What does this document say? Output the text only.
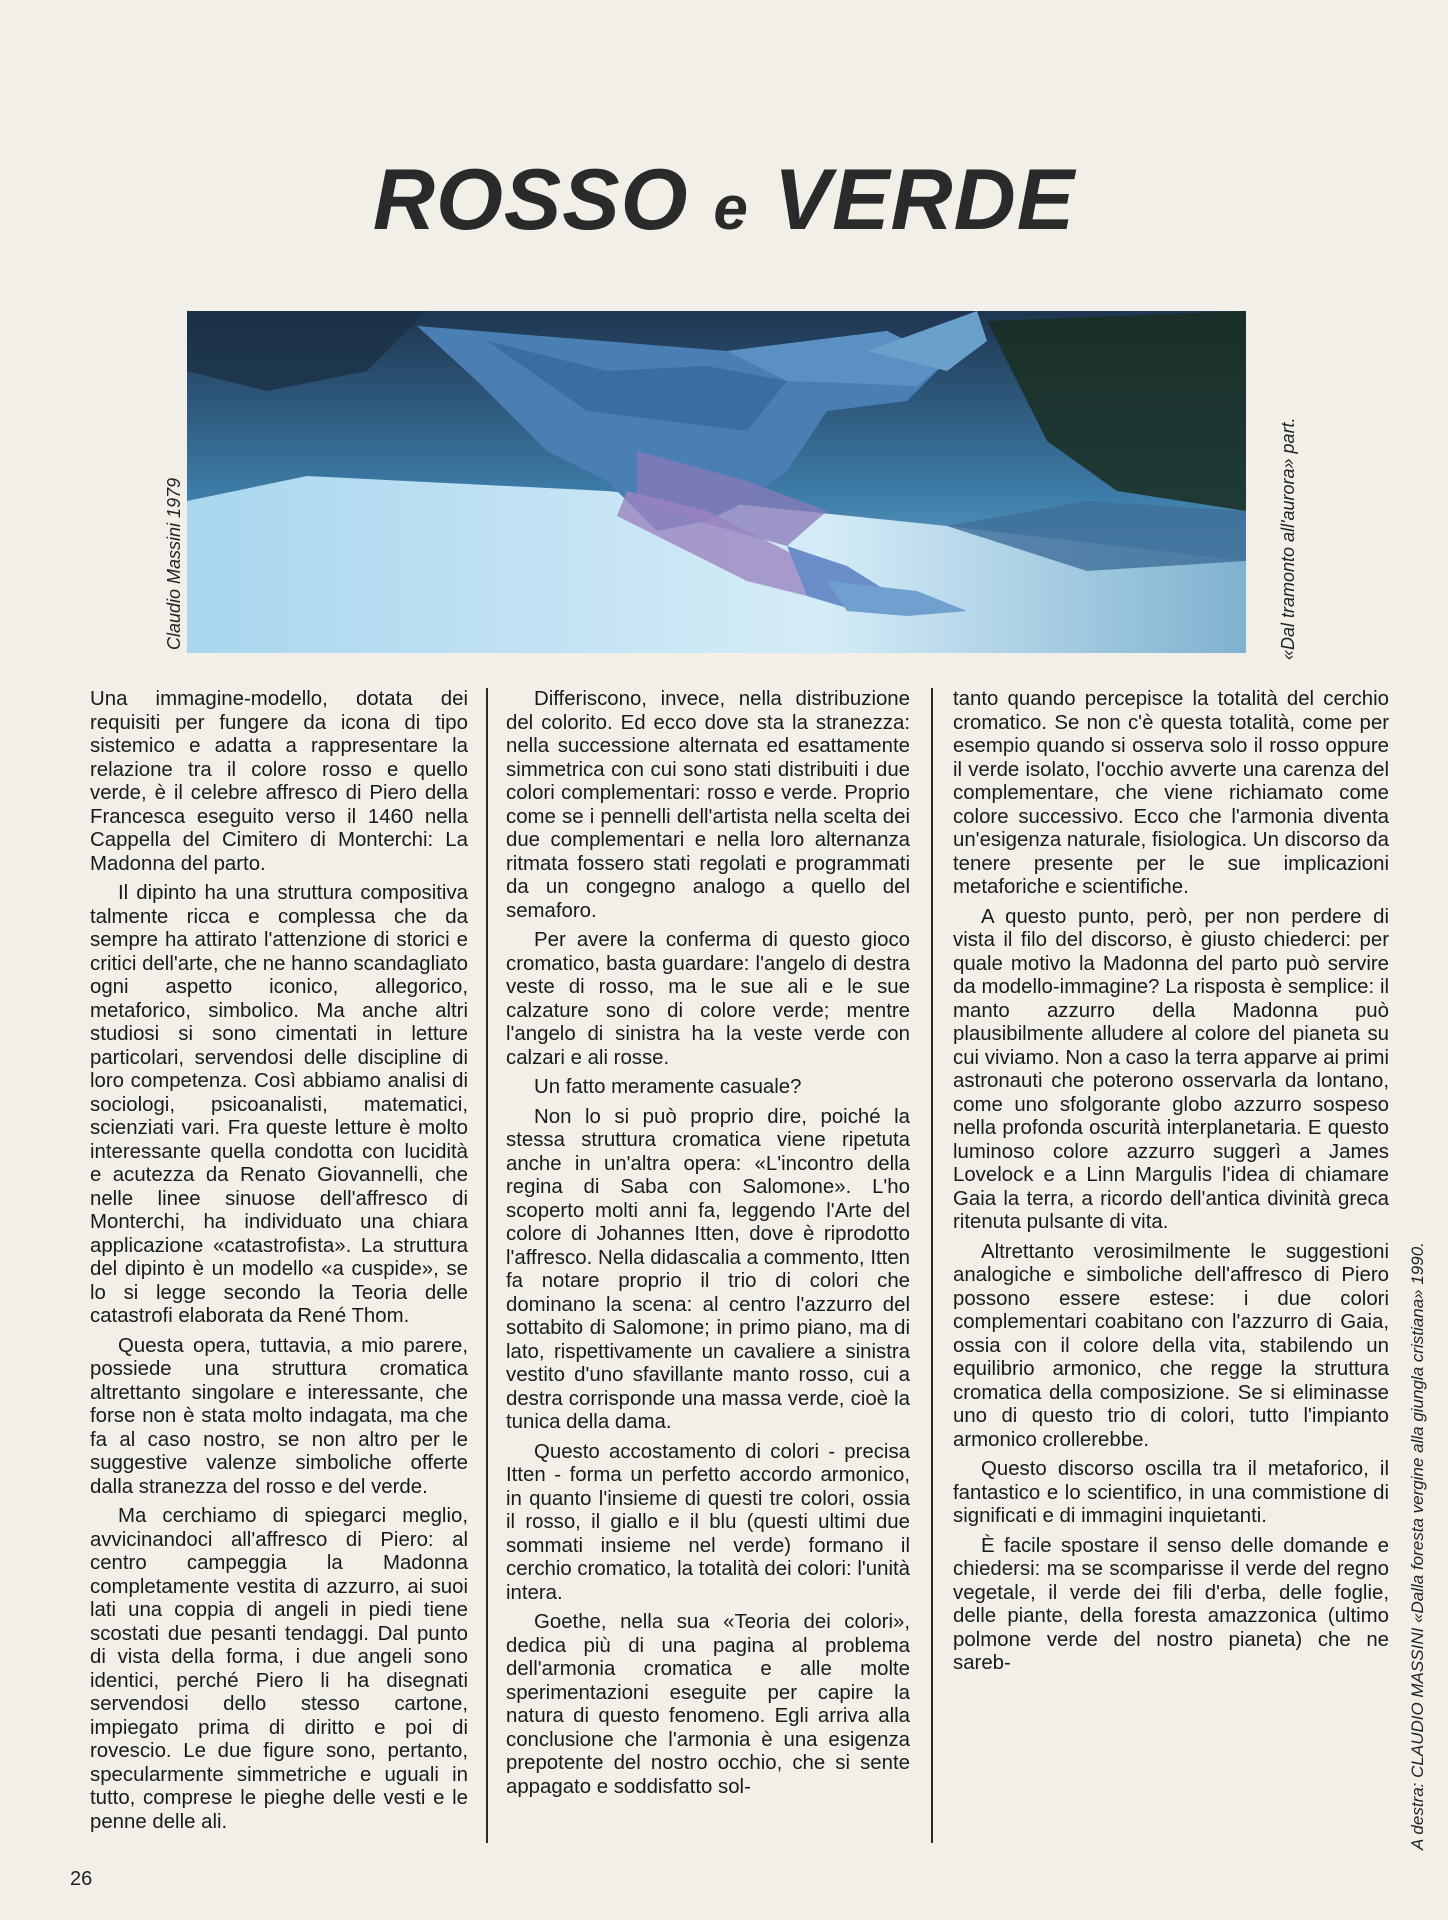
ROSSO e VERDE
Claudio Massini 1979	«Dal tramonto all'aurora» part.
A destra: CLAUDIO MASSINI «Dalla foresta vergine alla giungla cristiana» 1990.

Una immagine-modello, dotata dei requisiti per fungere da icona di tipo sistemico e adatta a rappresentare la relazione tra il colore rosso e quello verde, è il celebre affresco di Piero della Francesca eseguito verso il 1460 nella Cappella del Cimitero di Monterchi: La Madonna del parto.

Il dipinto ha una struttura compositiva talmente ricca e complessa che da sempre ha attirato l'attenzione di storici e critici dell'arte, che ne hanno scandagliato ogni aspetto iconico, allegorico, metaforico, simbolico. Ma anche altri studiosi si sono cimentati in letture particolari, servendosi delle discipline di loro competenza. Così abbiamo analisi di sociologi, psicoanalisti, matematici, scienziati vari. Fra queste letture è molto interessante quella condotta con lucidità e acutezza da Renato Giovannelli, che nelle linee sinuose dell'affresco di Monterchi, ha individuato una chiara applicazione «catastrofista». La struttura del dipinto è un modello «a cuspide», se lo si legge secondo la Teoria delle catastrofi elaborata da René Thom.

Questa opera, tuttavia, a mio parere, possiede una struttura cromatica altrettanto singolare e interessante, che forse non è stata molto indagata, ma che fa al caso nostro, se non altro per le suggestive valenze simboliche offerte dalla stranezza del rosso e del verde.

Ma cerchiamo di spiegarci meglio, avvicinandoci all'affresco di Piero: al centro campeggia la Madonna completamente vestita di azzurro, ai suoi lati una coppia di angeli in piedi tiene scostati due pesanti tendaggi. Dal punto di vista della forma, i due angeli sono identici, perché Piero li ha disegnati servendosi dello stesso cartone, impiegato prima di diritto e poi di rovescio. Le due figure sono, pertanto, specularmente simmetriche e uguali in tutto, comprese le pieghe delle vesti e le penne delle ali.

Differiscono, invece, nella distribuzione del colorito. Ed ecco dove sta la stranezza: nella successione alternata ed esattamente simmetrica con cui sono stati distribuiti i due colori complementari: rosso e verde. Proprio come se i pennelli dell'artista nella scelta dei due complementari e nella loro alternanza ritmata fossero stati regolati e programmati da un congegno analogo a quello del semaforo.

Per avere la conferma di questo gioco cromatico, basta guardare: l'angelo di destra veste di rosso, ma le sue ali e le sue calzature sono di colore verde; mentre l'angelo di sinistra ha la veste verde con calzari e ali rosse.

Un fatto meramente casuale?

Non lo si può proprio dire, poiché la stessa struttura cromatica viene ripetuta anche in un'altra opera: «L'incontro della regina di Saba con Salomone». L'ho scoperto molti anni fa, leggendo l'Arte del colore di Johannes Itten, dove è riprodotto l'affresco. Nella didascalia a commento, Itten fa notare proprio il trio di colori che dominano la scena: al centro l'azzurro del sottabito di Salomone; in primo piano, ma di lato, rispettivamente un cavaliere a sinistra vestito d'uno sfavillante manto rosso, cui a destra corrisponde una massa verde, cioè la tunica della dama.

Questo accostamento di colori - precisa Itten - forma un perfetto accordo armonico, in quanto l'insieme di questi tre colori, ossia il rosso, il giallo e il blu (questi ultimi due sommati insieme nel verde) formano il cerchio cromatico, la totalità dei colori: l'unità intera.

Goethe, nella sua «Teoria dei colori», dedica più di una pagina al problema dell'armonia cromatica e alle molte sperimentazioni eseguite per capire la natura di questo fenomeno. Egli arriva alla conclusione che l'armonia è una esigenza prepotente del nostro occhio, che si sente appagato e soddisfatto sol-

tanto quando percepisce la totalità del cerchio cromatico. Se non c'è questa totalità, come per esempio quando si osserva solo il rosso oppure il verde isolato, l'occhio avverte una carenza del complementare, che viene richiamato come colore successivo. Ecco che l'armonia diventa un'esigenza naturale, fisiologica. Un discorso da tenere presente per le sue implicazioni metaforiche e scientifiche.

A questo punto, però, per non perdere di vista il filo del discorso, è giusto chiederci: per quale motivo la Madonna del parto può servire da modello-immagine? La risposta è semplice: il manto azzurro della Madonna può plausibilmente alludere al colore del pianeta su cui viviamo. Non a caso la terra apparve ai primi astronauti che poterono osservarla da lontano, come uno sfolgorante globo azzurro sospeso nella profonda oscurità interplanetaria. E questo luminoso colore azzurro suggerì a James Lovelock e a Linn Margulis l'idea di chiamare Gaia la terra, a ricordo dell'antica divinità greca ritenuta pulsante di vita.

Altrettanto verosimilmente le suggestioni analogiche e simboliche dell'affresco di Piero possono essere estese: i due colori complementari coabitano con l'azzurro di Gaia, ossia con il colore della vita, stabilendo un equilibrio armonico, che regge la struttura cromatica della composizione. Se si eliminasse uno di questo trio di colori, tutto l'impianto armonico crollerebbe.

Questo discorso oscilla tra il metaforico, il fantastico e lo scientifico, in una commistione di significati e di immagini inquietanti.

È facile spostare il senso delle domande e chiedersi: ma se scomparisse il verde del regno vegetale, il verde dei fili d'erba, delle foglie, delle piante, della foresta amazzonica (ultimo polmone verde del nostro pianeta) che ne sareb-

26
